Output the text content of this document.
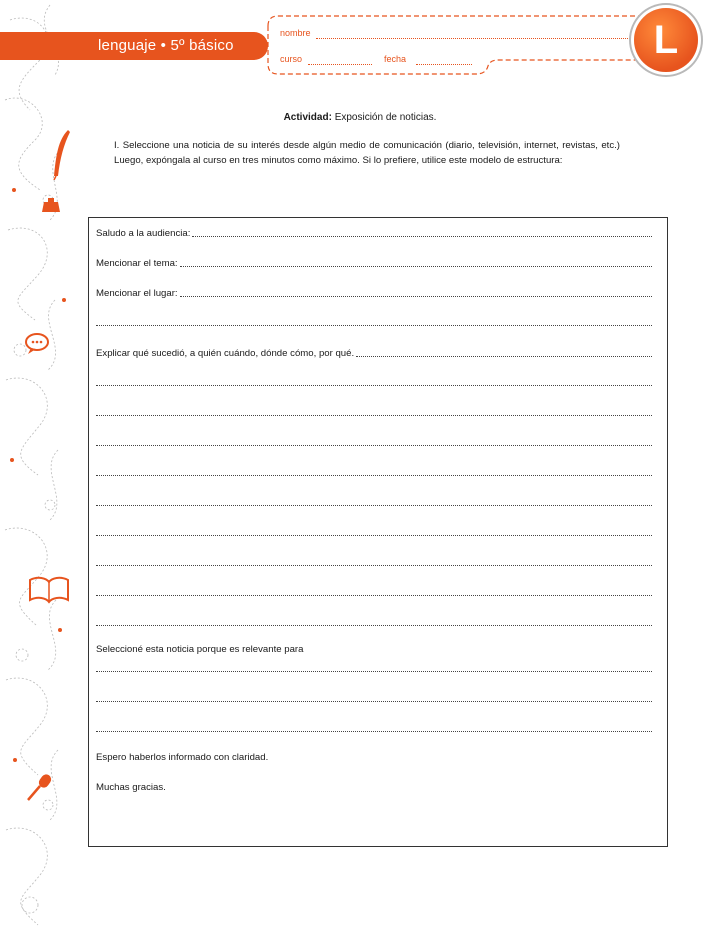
lenguaje • 5º básico
nombre
curso	fecha	L
Actividad: Exposición de noticias.
I. Seleccione una noticia de su interés desde algún medio de comunicación (diario, televisión, internet, revistas, etc.) Luego, expóngala al curso en tres minutos como máximo. Si lo prefiere, utilice este modelo de estructura:
Saludo a la audiencia:
Mencionar el tema:
Mencionar el lugar:
Explicar qué sucedió, a quién cuándo, dónde cómo, por qué.
Seleccioné esta noticia porque es relevante para
Espero haberlos informado con claridad.
Muchas gracias.
